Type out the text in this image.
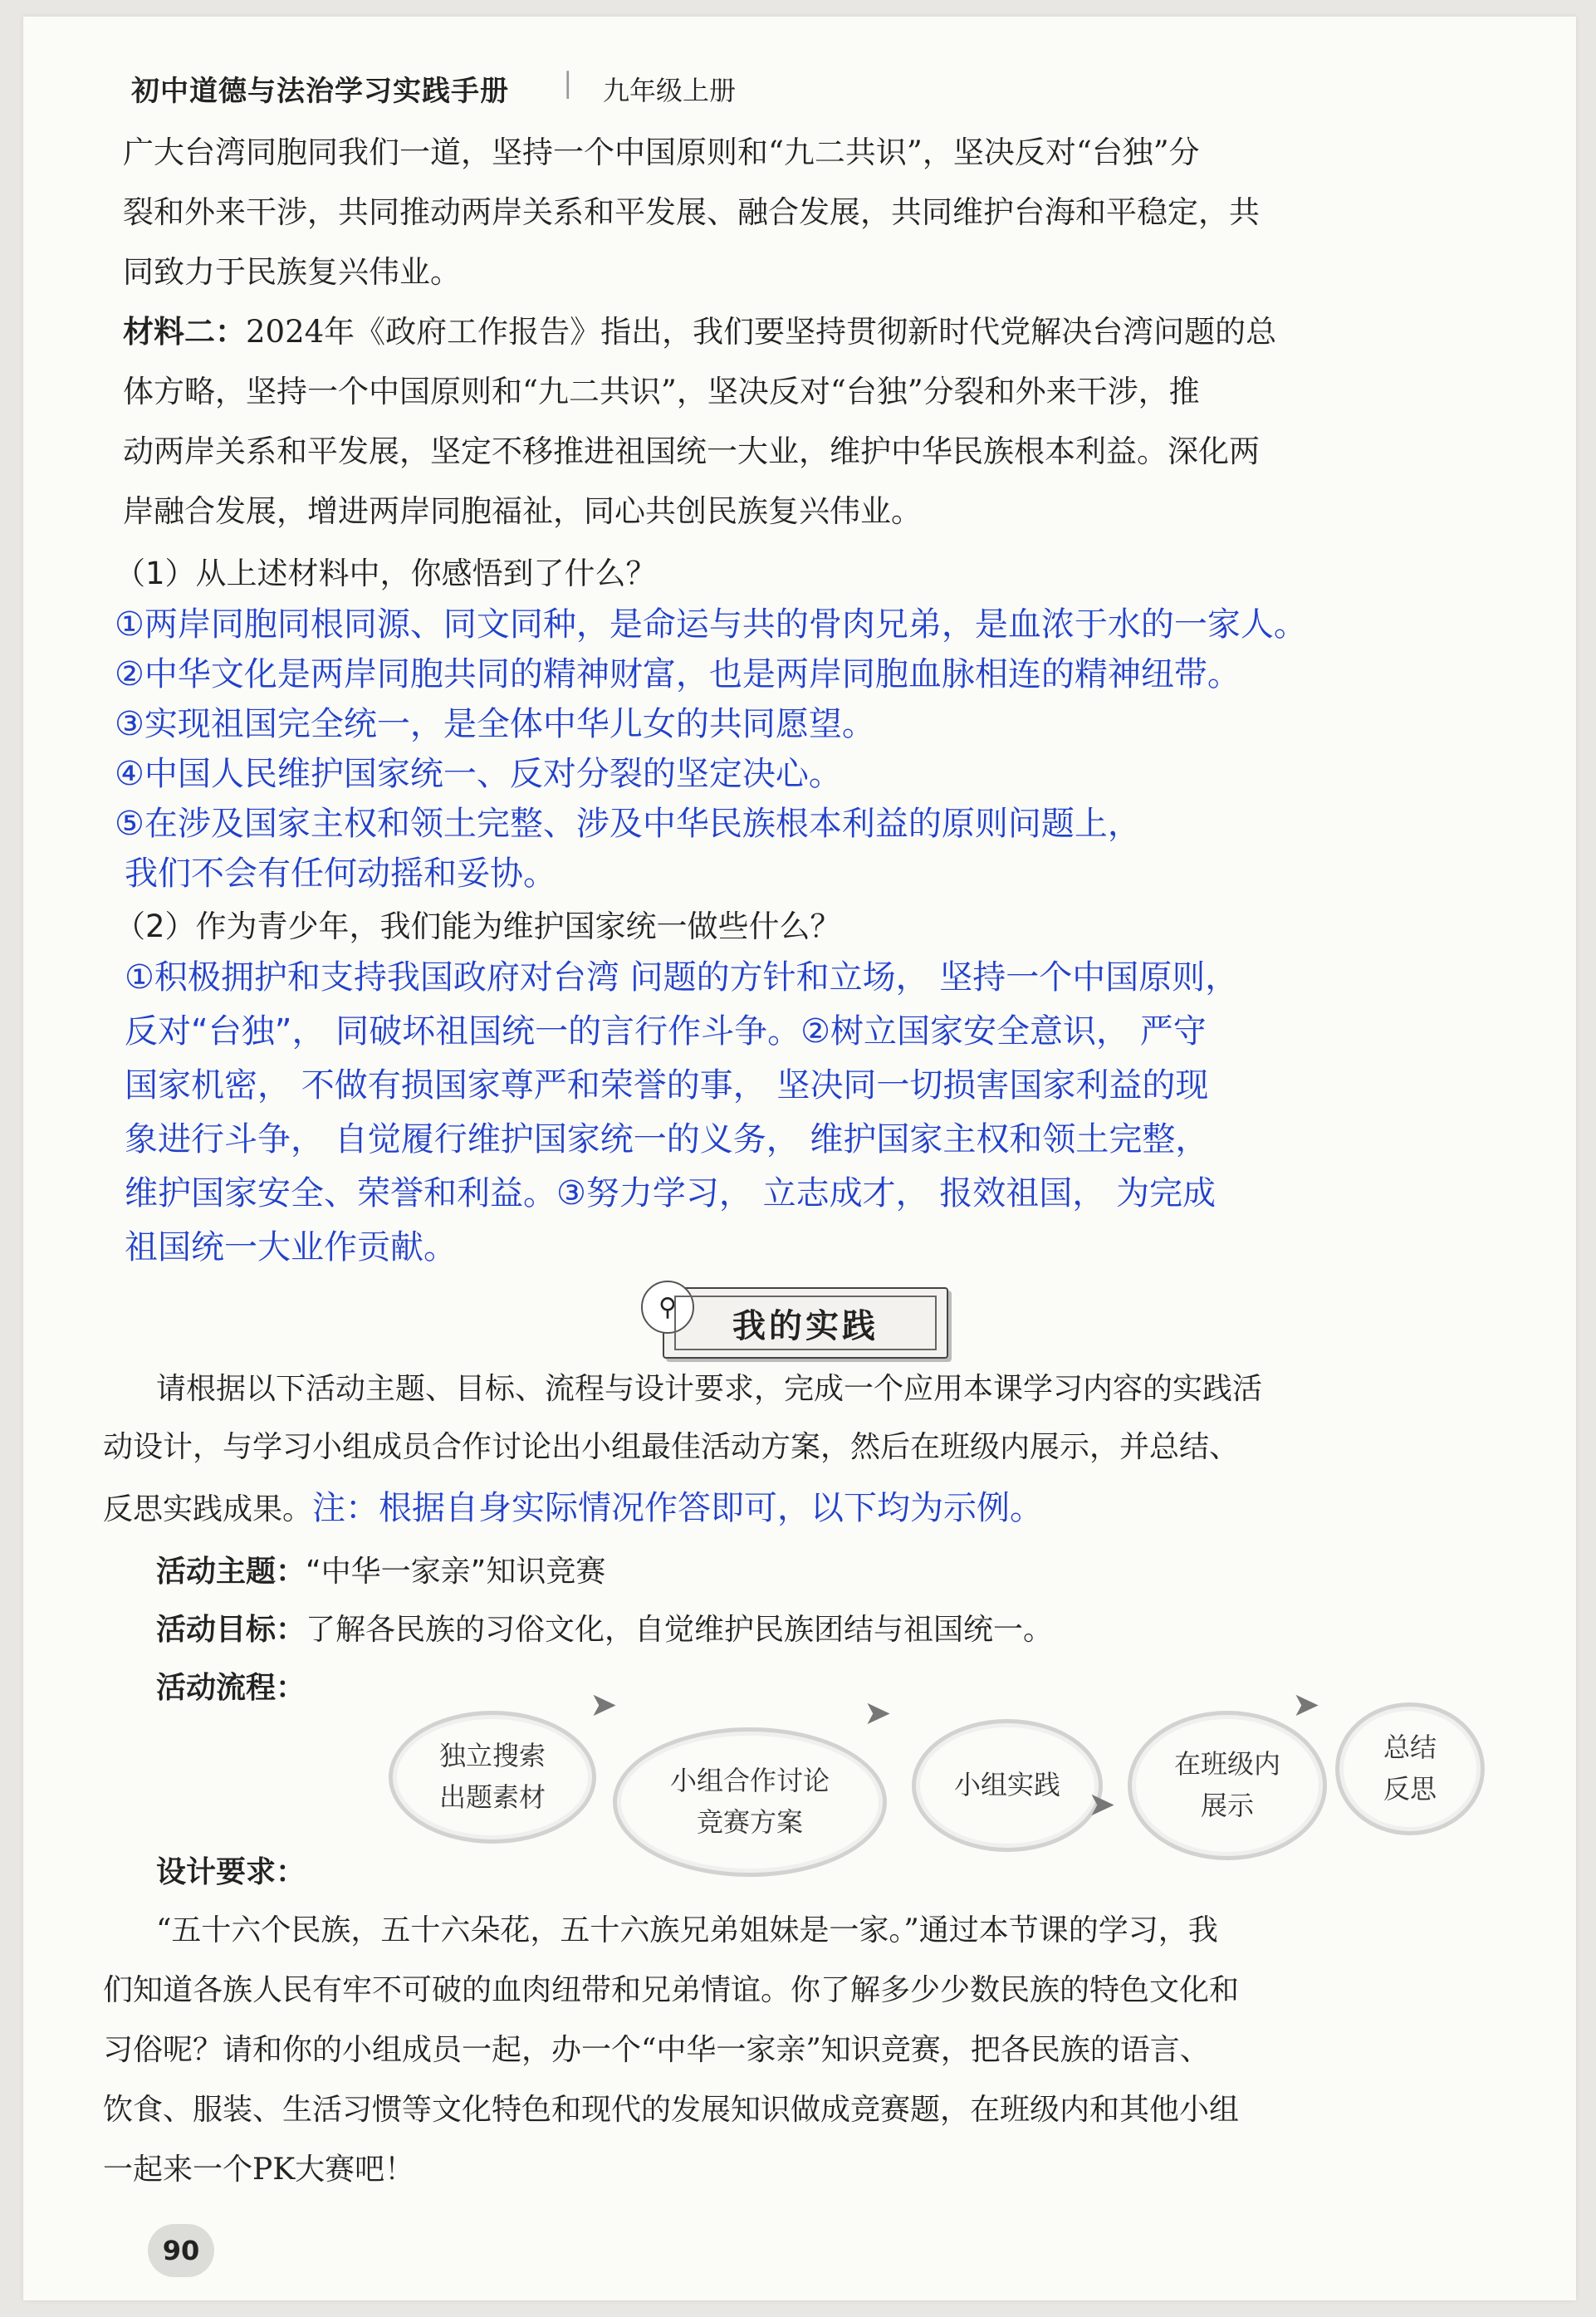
初中道德与法治学习实践手册 | 九年级上册
广大台湾同胞同我们一道，坚持一个中国原则和“九二共识”，坚决反对“台独”分
裂和外来干涉，共同推动两岸关系和平发展、融合发展，共同维护台海和平稳定，共
同致力于民族复兴伟业。
材料二：2024年《政府工作报告》指出，我们要坚持贯彻新时代党解决台湾问题的总
体方略，坚持一个中国原则和“九二共识”，坚决反对“台独”分裂和外来干涉，推
动两岸关系和平发展，坚定不移推进祖国统一大业，维护中华民族根本利益。深化两
岸融合发展，增进两岸同胞福祉，同心共创民族复兴伟业。
（1）从上述材料中，你感悟到了什么？
①两岸同胞同根同源、同文同种，是命运与共的骨肉兄弟，是血浓于水的一家人。
②中华文化是两岸同胞共同的精神财富，也是两岸同胞血脉相连的精神纽带。
③实现祖国完全统一，是全体中华儿女的共同愿望。
④中国人民维护国家统一、反对分裂的坚定决心。
⑤在涉及国家主权和领土完整、涉及中华民族根本利益的原则问题上，
我们不会有任何动摇和妥协。
（2）作为青少年，我们能为维护国家统一做些什么？
①积极拥护和支持我国政府对台湾 问题的方针和立场， 坚持一个中国原则，
反对“台独”， 同破坏祖国统一的言行作斗争。②树立国家安全意识， 严守
国家机密， 不做有损国家尊严和荣誉的事， 坚决同一切损害国家利益的现
象进行斗争， 自觉履行维护国家统一的义务， 维护国家主权和领土完整，
维护国家安全、荣誉和利益。③努力学习， 立志成才， 报效祖国， 为完成
祖国统一大业作贡献。
⚲	我的实践
请根据以下活动主题、目标、流程与设计要求，完成一个应用本课学习内容的实践活
动设计，与学习小组成员合作讨论出小组最佳活动方案，然后在班级内展示，并总结、
反思实践成果。注：根据自身实际情况作答即可，以下均为示例。
活动主题：“中华一家亲”知识竞赛
活动目标：了解各民族的习俗文化，自觉维护民族团结与祖国统一。
活动流程：
独立搜索
出题素材
➤
小组合作讨论
竞赛方案
➤
小组实践
➤
在班级内
展示
➤
总结
反思
设计要求：
“五十六个民族，五十六朵花，五十六族兄弟姐妹是一家。”通过本节课的学习，我
们知道各族人民有牢不可破的血肉纽带和兄弟情谊。你了解多少少数民族的特色文化和
习俗呢？请和你的小组成员一起，办一个“中华一家亲”知识竞赛，把各民族的语言、
饮食、服装、生活习惯等文化特色和现代的发展知识做成竞赛题，在班级内和其他小组
一起来一个PK大赛吧！
90
